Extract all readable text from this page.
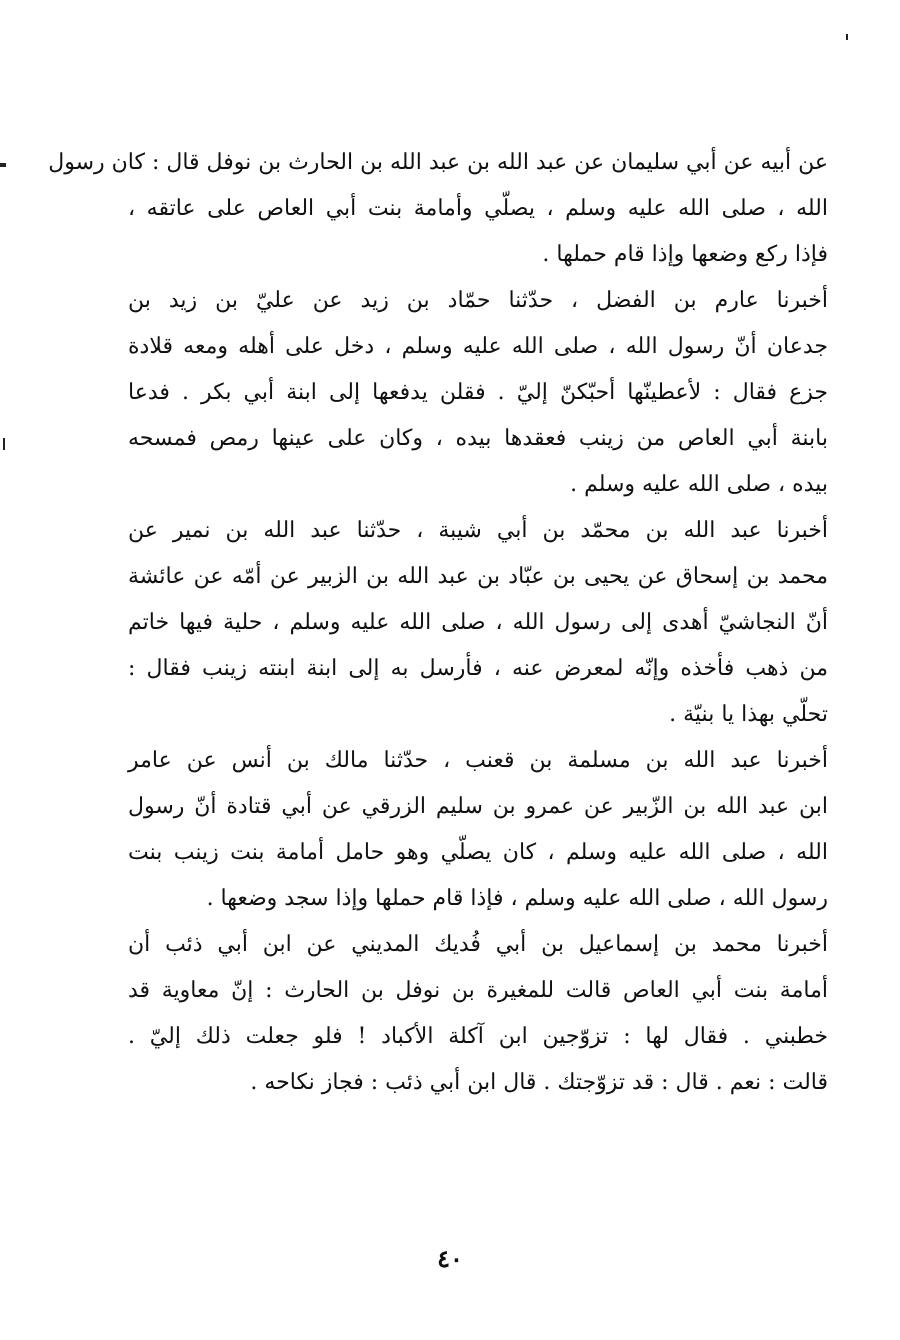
عن أبيه عن أبي سليمان عن عبد الله بن عبد الله بن الحارث بن نوفل قال : كان رسول
الله ، صلى الله عليه وسلم ، يصلّي وأمامة بنت أبي العاص على عاتقه ،
فإذا ركع وضعها وإذا قام حملها .
أخبرنا عارم بن الفضل ، حدّثنا حمّاد بن زيد عن عليّ بن زيد بن
جدعان أنّ رسول الله ، صلى الله عليه وسلم ، دخل على أهله ومعه قلادة
جزع فقال : لأعطينّها أحبّكنّ إليّ . فقلن يدفعها إلى ابنة أبي بكر . فدعا
بابنة أبي العاص من زينب فعقدها بيده ، وكان على عينها رمص فمسحه
بيده ، صلى الله عليه وسلم .
أخبرنا عبد الله بن محمّد بن أبي شيبة ، حدّثنا عبد الله بن نمير عن
محمد بن إسحاق عن يحيى بن عبّاد بن عبد الله بن الزبير عن أمّه عن عائشة
أنّ النجاشيّ أهدى إلى رسول الله ، صلى الله عليه وسلم ، حلية فيها خاتم
من ذهب فأخذه وإنّه لمعرض عنه ، فأرسل به إلى ابنة ابنته زينب فقال :
تحلّي بهذا يا بنيّة .
أخبرنا عبد الله بن مسلمة بن قعنب ، حدّثنا مالك بن أنس عن عامر
ابن عبد الله بن الزّبير عن عمرو بن سليم الزرقي عن أبي قتادة أنّ رسول
الله ، صلى الله عليه وسلم ، كان يصلّي وهو حامل أمامة بنت زينب بنت
رسول الله ، صلى الله عليه وسلم ، فإذا قام حملها وإذا سجد وضعها .
أخبرنا محمد بن إسماعيل بن أبي فُديك المديني عن ابن أبي ذئب أن
أمامة بنت أبي العاص قالت للمغيرة بن نوفل بن الحارث : إنّ معاوية قد
خطبني . فقال لها : تزوّجين ابن آكلة الأكباد ! فلو جعلت ذلك إليّ .
قالت : نعم . قال : قد تزوّجتك . قال ابن أبي ذئب : فجاز نكاحه .
٤٠
